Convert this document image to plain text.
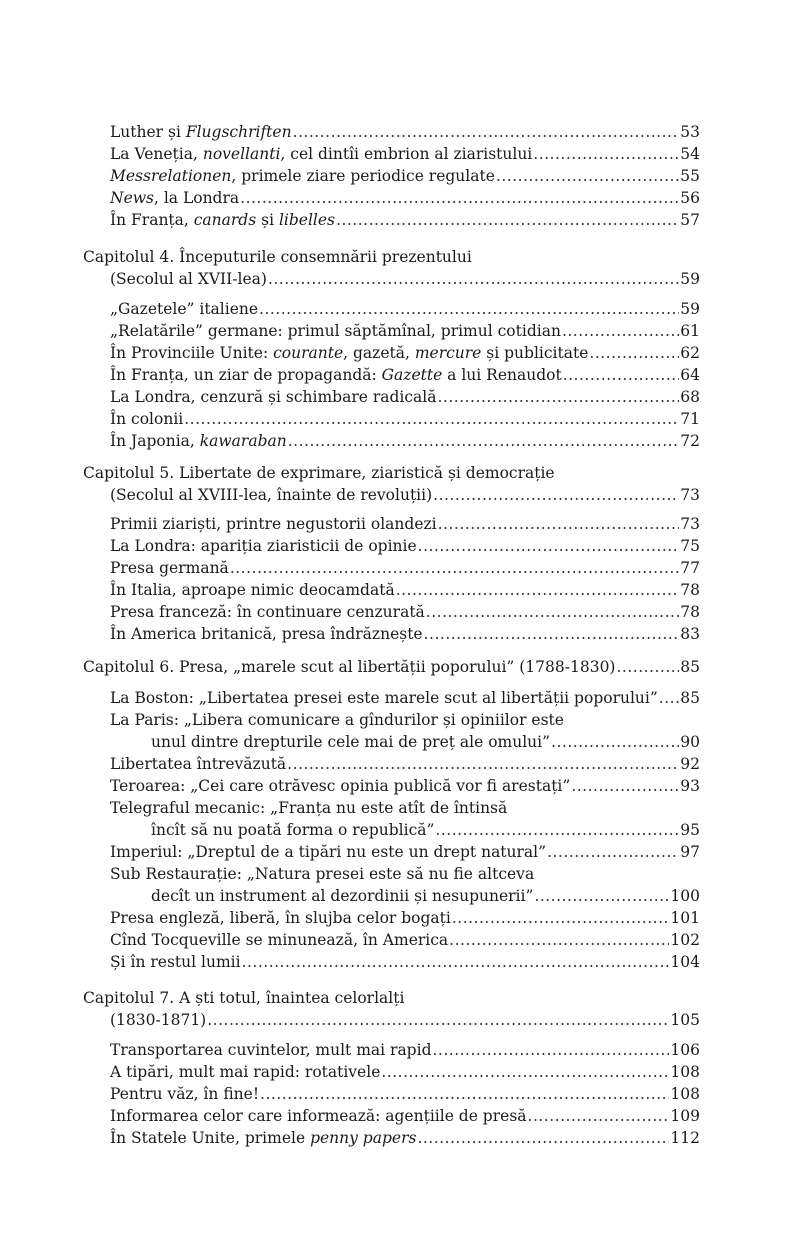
Luther și Flugschriften .....	53
La Veneția, novellanti, cel dintîi embrion al ziaristului .....	54
Messrelationen, primele ziare periodice regulate .....	55
News, la Londra .....	56
În Franța, canards și libelles .....	57
Capitolul 4. Începuturile consemnării prezentului
(Secolul al XVII-lea) .....	59
„Gazetele” italiene .....	59
„Relatările” germane: primul săptămînal, primul cotidian .....	61
În Provinciile Unite: courante, gazetă, mercure și publicitate .....	62
În Franța, un ziar de propagandă: Gazette a lui Renaudot .....	64
La Londra, cenzură și schimbare radicală .....	68
În colonii .....	71
În Japonia, kawaraban .....	72
Capitolul 5. Libertate de exprimare, ziaristică și democrație
(Secolul al XVIII-lea, înainte de revoluții) .....	73
Primii ziariști, printre negustorii olandezi .....	73
La Londra: apariția ziaristicii de opinie .....	75
Presa germană .....	77
În Italia, aproape nimic deocamdată .....	78
Presa franceză: în continuare cenzurată .....	78
În America britanică, presa îndrăznește .....	83
Capitolul 6. Presa, „marele scut al libertății poporului” (1788-1830) .....	85
La Boston: „Libertatea presei este marele scut al libertății poporului” ..... 85
La Paris: „Libera comunicare a gîndurilor și opiniilor este
unul dintre drepturile cele mai de preț ale omului” .....	90
Libertatea întrevăzută .....	92
Teroarea: „Cei care otrăvesc opinia publică vor fi arestați” .....	93
Telegraful mecanic: „Franța nu este atît de întinsă
încît să nu poată forma o republică” .....	95
Imperiul: „Dreptul de a tipări nu este un drept natural” .....	97
Sub Restaurație: „Natura presei este să nu fie altceva
decît un instrument al dezordinii și nesupunerii” .....	100
Presa engleză, liberă, în slujba celor bogați .....	101
Cînd Tocqueville se minunează, în America .....	102
Și în restul lumii .....	104
Capitolul 7. A ști totul, înaintea celorlalți
(1830-1871) .....	105
Transportarea cuvintelor, mult mai rapid .....	106
A tipări, mult mai rapid: rotativele .....	108
Pentru văz, în fine! .....	108
Informarea celor care informează: agențiile de presă .....	109
În Statele Unite, primele penny papers .....	112
